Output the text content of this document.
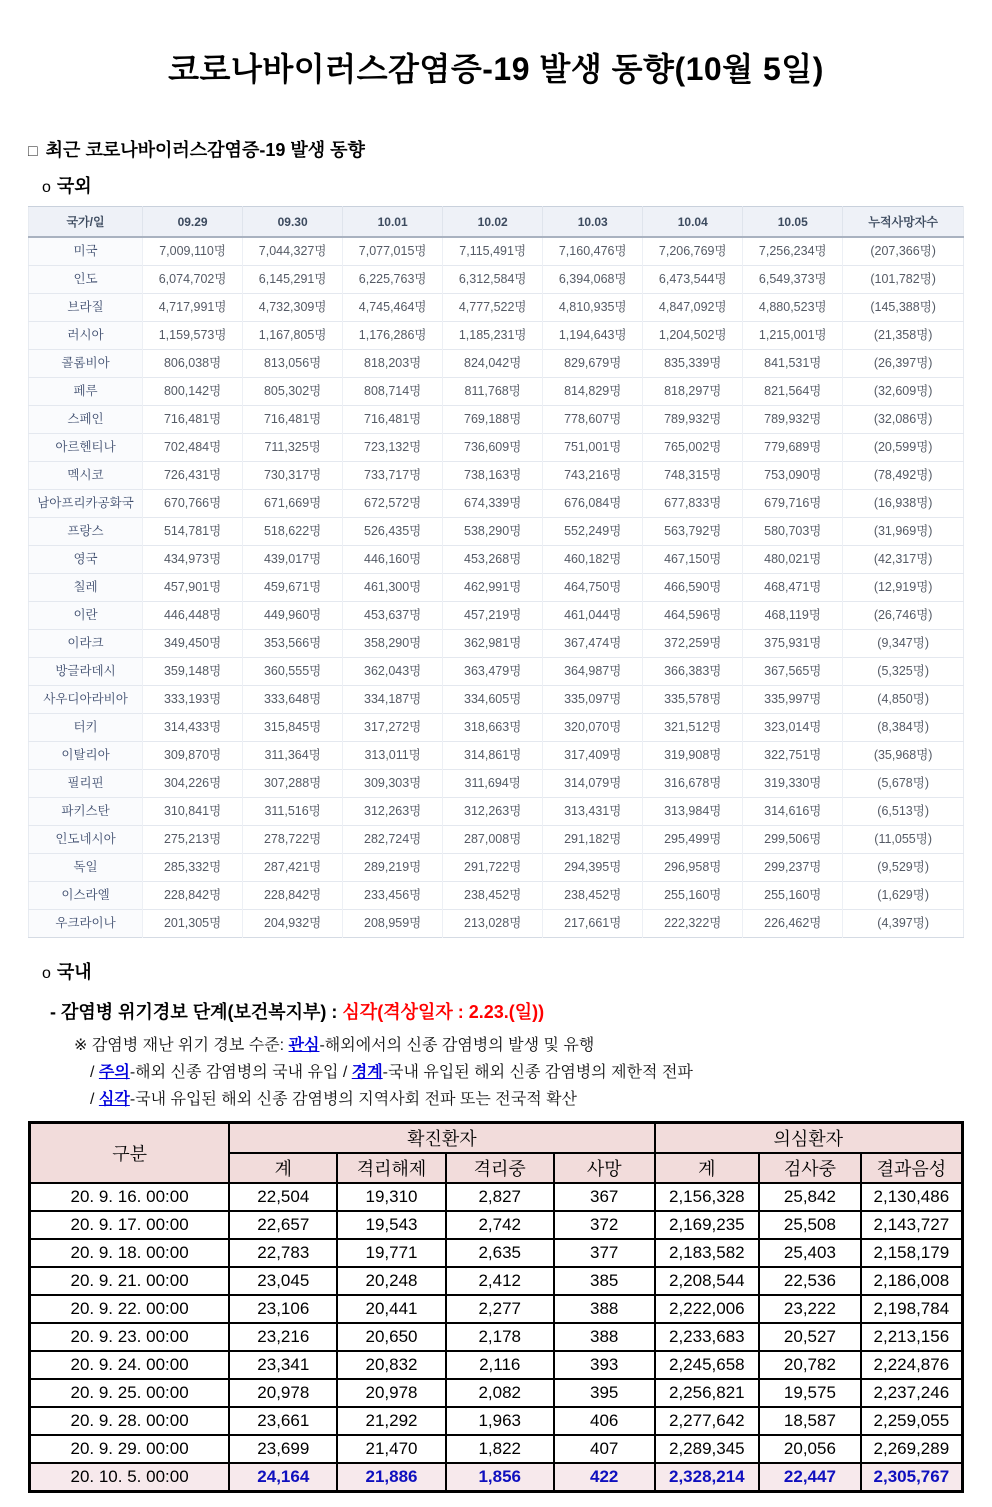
코로나바이러스감염증-19 발생 동향(10월 5일)
□ 최근 코로나바이러스감염증-19 발생 동향
o 국외
국가/일	09.29	09.30	10.01	10.02	10.03	10.04	10.05	누적사망자수
미국	7,009,110명	7,044,327명	7,077,015명	7,115,491명	7,160,476명	7,206,769명	7,256,234명	(207,366명)
인도	6,074,702명	6,145,291명	6,225,763명	6,312,584명	6,394,068명	6,473,544명	6,549,373명	(101,782명)
브라질	4,717,991명	4,732,309명	4,745,464명	4,777,522명	4,810,935명	4,847,092명	4,880,523명	(145,388명)
러시아	1,159,573명	1,167,805명	1,176,286명	1,185,231명	1,194,643명	1,204,502명	1,215,001명	(21,358명)
콜롬비아	806,038명	813,056명	818,203명	824,042명	829,679명	835,339명	841,531명	(26,397명)
페루	800,142명	805,302명	808,714명	811,768명	814,829명	818,297명	821,564명	(32,609명)
스페인	716,481명	716,481명	716,481명	769,188명	778,607명	789,932명	789,932명	(32,086명)
아르헨티나	702,484명	711,325명	723,132명	736,609명	751,001명	765,002명	779,689명	(20,599명)
멕시코	726,431명	730,317명	733,717명	738,163명	743,216명	748,315명	753,090명	(78,492명)
남아프리카공화국	670,766명	671,669명	672,572명	674,339명	676,084명	677,833명	679,716명	(16,938명)
프랑스	514,781명	518,622명	526,435명	538,290명	552,249명	563,792명	580,703명	(31,969명)
영국	434,973명	439,017명	446,160명	453,268명	460,182명	467,150명	480,021명	(42,317명)
칠레	457,901명	459,671명	461,300명	462,991명	464,750명	466,590명	468,471명	(12,919명)
이란	446,448명	449,960명	453,637명	457,219명	461,044명	464,596명	468,119명	(26,746명)
이라크	349,450명	353,566명	358,290명	362,981명	367,474명	372,259명	375,931명	(9,347명)
방글라데시	359,148명	360,555명	362,043명	363,479명	364,987명	366,383명	367,565명	(5,325명)
사우디아라비아	333,193명	333,648명	334,187명	334,605명	335,097명	335,578명	335,997명	(4,850명)
터키	314,433명	315,845명	317,272명	318,663명	320,070명	321,512명	323,014명	(8,384명)
이탈리아	309,870명	311,364명	313,011명	314,861명	317,409명	319,908명	322,751명	(35,968명)
필리핀	304,226명	307,288명	309,303명	311,694명	314,079명	316,678명	319,330명	(5,678명)
파키스탄	310,841명	311,516명	312,263명	312,263명	313,431명	313,984명	314,616명	(6,513명)
인도네시아	275,213명	278,722명	282,724명	287,008명	291,182명	295,499명	299,506명	(11,055명)
독일	285,332명	287,421명	289,219명	291,722명	294,395명	296,958명	299,237명	(9,529명)
이스라엘	228,842명	228,842명	233,456명	238,452명	238,452명	255,160명	255,160명	(1,629명)
우크라이나	201,305명	204,932명	208,959명	213,028명	217,661명	222,322명	226,462명	(4,397명)
o 국내
- 감염병 위기경보 단계(보건복지부) : 심각(격상일자 : 2.23.(일))
※ 감염병 재난 위기 경보 수준: 관심-해외에서의 신종 감염병의 발생 및 유행
/ 주의-해외 신종 감염병의 국내 유입 / 경계-국내 유입된 해외 신종 감염병의 제한적 전파
/ 심각-국내 유입된 해외 신종 감염병의 지역사회 전파 또는 전국적 확산
구분	확진환자				의심환자		
	계	격리해제	격리중	사망	계	검사중	결과음성
20. 9. 16. 00:00	22,504	19,310	2,827	367	2,156,328	25,842	2,130,486
20. 9. 17. 00:00	22,657	19,543	2,742	372	2,169,235	25,508	2,143,727
20. 9. 18. 00:00	22,783	19,771	2,635	377	2,183,582	25,403	2,158,179
20. 9. 21. 00:00	23,045	20,248	2,412	385	2,208,544	22,536	2,186,008
20. 9. 22. 00:00	23,106	20,441	2,277	388	2,222,006	23,222	2,198,784
20. 9. 23. 00:00	23,216	20,650	2,178	388	2,233,683	20,527	2,213,156
20. 9. 24. 00:00	23,341	20,832	2,116	393	2,245,658	20,782	2,224,876
20. 9. 25. 00:00	20,978	20,978	2,082	395	2,256,821	19,575	2,237,246
20. 9. 28. 00:00	23,661	21,292	1,963	406	2,277,642	18,587	2,259,055
20. 9. 29. 00:00	23,699	21,470	1,822	407	2,289,345	20,056	2,269,289
20. 10. 5. 00:00	24,164	21,886	1,856	422	2,328,214	22,447	2,305,767
